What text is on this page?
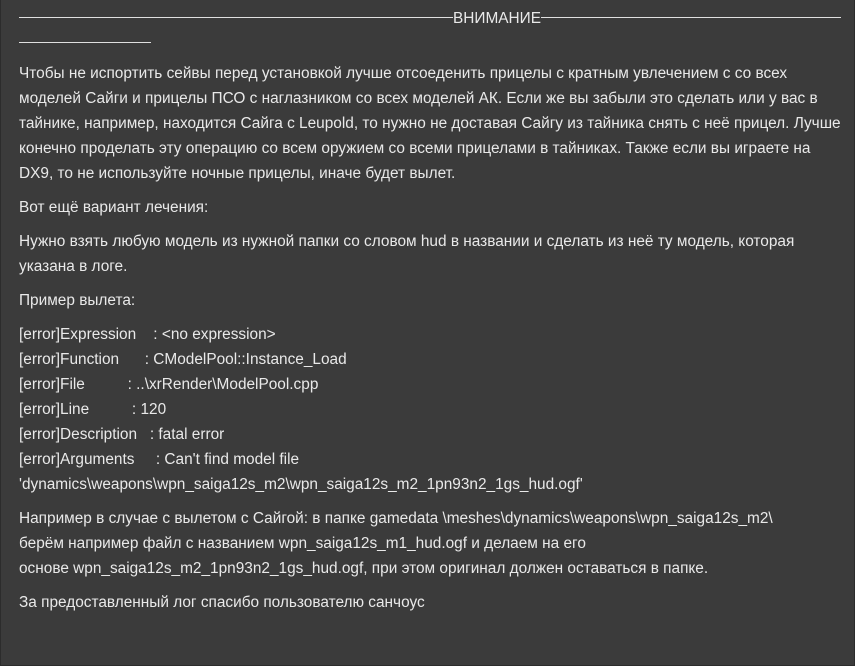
ВНИМАНИЕ

Чтобы не испортить сейвы перед установкой лучше отсоеденить прицелы с кратным увлечением с со всех моделей Сайги и прицелы ПСО с наглазником со всех моделей АК. Если же вы забыли это сделать или у вас в тайнике, например, находится Сайга с Leupold, то нужно не доставая Сайгу из тайника снять с неё прицел. Лучше конечно проделать эту операцию со всем оружием со всеми прицелами в тайниках. Также если вы играете на DX9, то не используйте ночные прицелы, иначе будет вылет.

Вот ещё вариант лечения:

Нужно взять любую модель из нужной папки со словом hud в названии и сделать из неё ту модель, которая указана в логе.

Пример вылета:

[error]Expression    : <no expression>
[error]Function      : CModelPool::Instance_Load
[error]File          : ..\xrRender\ModelPool.cpp
[error]Line          : 120
[error]Description   : fatal error
[error]Arguments     : Can't find model file
'dynamics\weapons\wpn_saiga12s_m2\wpn_saiga12s_m2_1pn93n2_1gs_hud.ogf'
Например в случае с вылетом с Сайгой: в папке gamedata \meshes\dynamics\weapons\wpn_saiga12s_m2\
берём например файл с названием wpn_saiga12s_m1_hud.ogf и делаем на его
основе wpn_saiga12s_m2_1pn93n2_1gs_hud.ogf, при этом оригинал должен оставаться в папке.

За предоставленный лог спасибо пользователю санчоус
